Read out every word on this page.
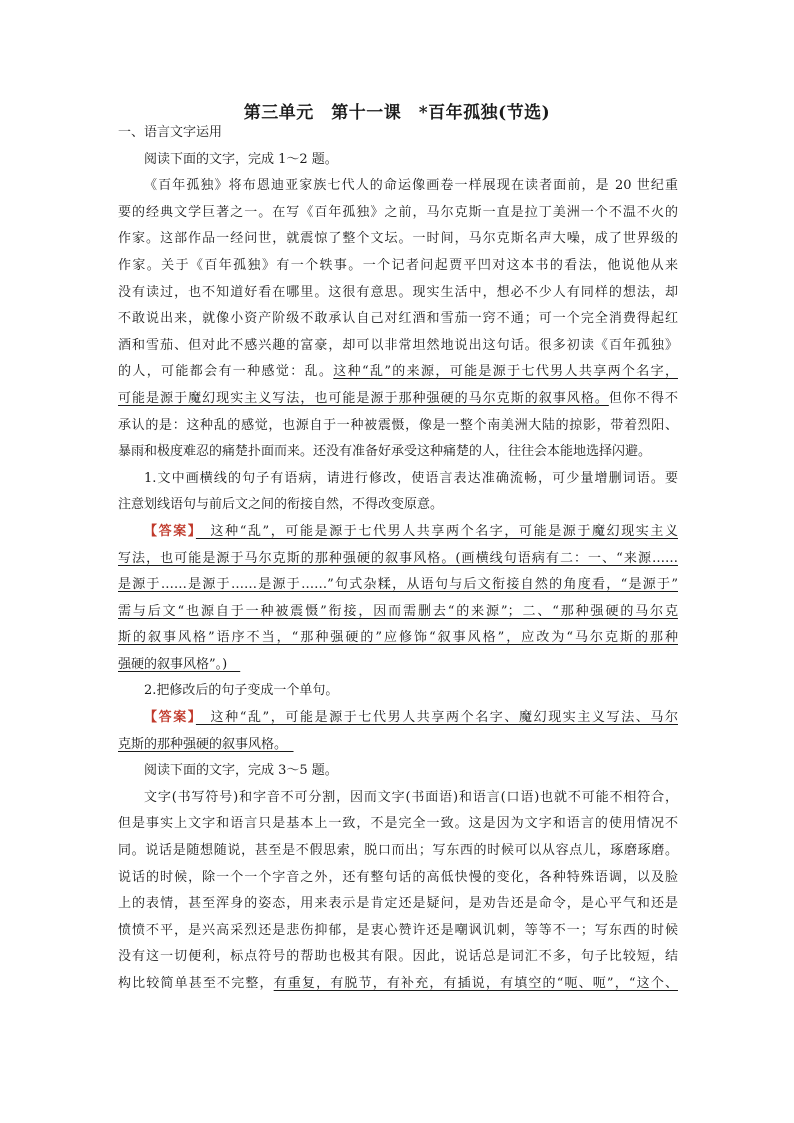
第三单元　第十一课　*百年孤独(节选)
一、语言文字运用
阅读下面的文字，完成 1～2 题。
《百年孤独》将布恩迪亚家族七代人的命运像画卷一样展现在读者面前，是 20 世纪重
要的经典文学巨著之一。在写《百年孤独》之前，马尔克斯一直是拉丁美洲一个不温不火的
作家。这部作品一经问世，就震惊了整个文坛。一时间，马尔克斯名声大噪，成了世界级的
作家。关于《百年孤独》有一个轶事。一个记者问起贾平凹对这本书的看法，他说他从来
没有读过，也不知道好看在哪里。这很有意思。现实生活中，想必不少人有同样的想法，却
不敢说出来，就像小资产阶级不敢承认自己对红酒和雪茄一窍不通；可一个完全消费得起红
酒和雪茄、但对此不感兴趣的富豪，却可以非常坦然地说出这句话。很多初读《百年孤独》
的人，可能都会有一种感觉：乱。这种“乱”的来源，可能是源于七代男人共享两个名字，
可能是源于魔幻现实主义写法，也可能是源于那种强硬的马尔克斯的叙事风格。但你不得不
承认的是：这种乱的感觉，也源自于一种被震慑，像是一整个南美洲大陆的掠影，带着烈阳、
暴雨和极度难忍的痛楚扑面而来。还没有准备好承受这种痛楚的人，往往会本能地选择闪避。
1.文中画横线的句子有语病，请进行修改，使语言表达准确流畅，可少量增删词语。要
注意划线语句与前后文之间的衔接自然，不得改变原意。
【答案】　这种“乱”，可能是源于七代男人共享两个名字，可能是源于魔幻现实主义
写法，也可能是源于马尔克斯的那种强硬的叙事风格。(画横线句语病有二：一、“来源……
是源于……是源于……是源于……”句式杂糅，从语句与后文衔接自然的角度看，“是源于”
需与后文“也源自于一种被震慑”衔接，因而需删去“的来源”；二、“那种强硬的马尔克
斯的叙事风格”语序不当，“那种强硬的”应修饰“叙事风格”，应改为“马尔克斯的那种
强硬的叙事风格”。)　
2.把修改后的句子变成一个单句。
【答案】　这种“乱”，可能是源于七代男人共享两个名字、魔幻现实主义写法、马尔
克斯的那种强硬的叙事风格。　
阅读下面的文字，完成 3～5 题。
文字(书写符号)和字音不可分割，因而文字(书面语)和语言(口语)也就不可能不相符合，
但是事实上文字和语言只是基本上一致，不是完全一致。这是因为文字和语言的使用情况不
同。说话是随想随说，甚至是不假思索，脱口而出；写东西的时候可以从容点儿，琢磨琢磨。
说话的时候，除一个一个字音之外，还有整句话的高低快慢的变化，各种特殊语调，以及脸
上的表情，甚至浑身的姿态，用来表示是肯定还是疑问，是劝告还是命令，是心平气和还是
愤愤不平，是兴高采烈还是悲伤抑郁，是衷心赞许还是嘲讽讥刺，等等不一；写东西的时候
没有这一切便利，标点符号的帮助也极其有限。因此，说话总是词汇不多，句子比较短，结
构比较简单甚至不完整，有重复，有脱节，有补充，有插说，有填空的“呃、呃”，“这个、
